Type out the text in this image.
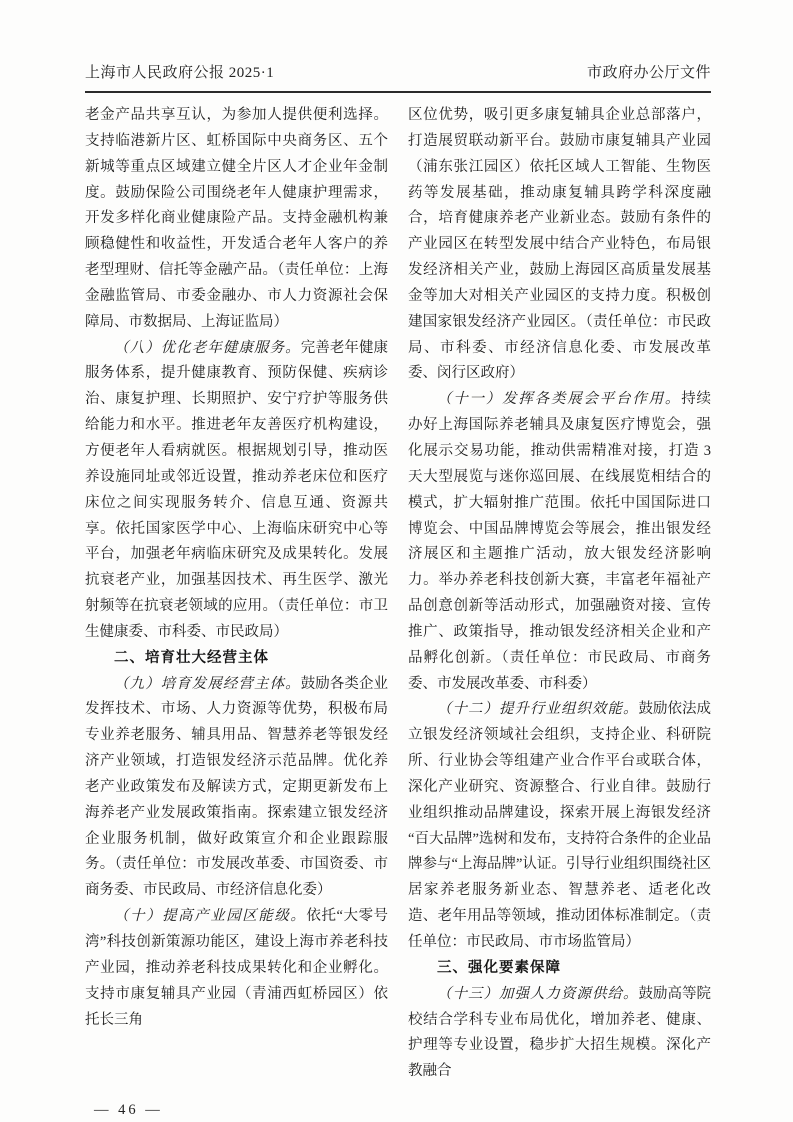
上海市人民政府公报 2025·1	市政府办公厅文件

老金产品共享互认，为参加人提供便利选择。支持临港新片区、虹桥国际中央商务区、五个新城等重点区域建立健全片区人才企业年金制度。鼓励保险公司围绕老年人健康护理需求，开发多样化商业健康险产品。支持金融机构兼顾稳健性和收益性，开发适合老年人客户的养老型理财、信托等金融产品。（责任单位：上海金融监管局、市委金融办、市人力资源社会保障局、市数据局、上海证监局）

（八）优化老年健康服务。完善老年健康服务体系，提升健康教育、预防保健、疾病诊治、康复护理、长期照护、安宁疗护等服务供给能力和水平。推进老年友善医疗机构建设，方便老年人看病就医。根据规划引导，推动医养设施同址或邻近设置，推动养老床位和医疗床位之间实现服务转介、信息互通、资源共享。依托国家医学中心、上海临床研究中心等平台，加强老年病临床研究及成果转化。发展抗衰老产业，加强基因技术、再生医学、激光射频等在抗衰老领域的应用。（责任单位：市卫生健康委、市科委、市民政局）

二、培育壮大经营主体

（九）培育发展经营主体。鼓励各类企业发挥技术、市场、人力资源等优势，积极布局专业养老服务、辅具用品、智慧养老等银发经济产业领域，打造银发经济示范品牌。优化养老产业政策发布及解读方式，定期更新发布上海养老产业发展政策指南。探索建立银发经济企业服务机制，做好政策宣介和企业跟踪服务。（责任单位：市发展改革委、市国资委、市商务委、市民政局、市经济信息化委）

（十）提高产业园区能级。依托“大零号湾”科技创新策源功能区，建设上海市养老科技产业园，推动养老科技成果转化和企业孵化。支持市康复辅具产业园（青浦西虹桥园区）依托长三角

区位优势，吸引更多康复辅具企业总部落户，打造展贸联动新平台。鼓励市康复辅具产业园（浦东张江园区）依托区域人工智能、生物医药等发展基础，推动康复辅具跨学科深度融合，培育健康养老产业新业态。鼓励有条件的产业园区在转型发展中结合产业特色，布局银发经济相关产业，鼓励上海园区高质量发展基金等加大对相关产业园区的支持力度。积极创建国家银发经济产业园区。（责任单位：市民政局、市科委、市经济信息化委、市发展改革委、闵行区政府）

（十一）发挥各类展会平台作用。持续办好上海国际养老辅具及康复医疗博览会，强化展示交易功能，推动供需精准对接，打造 3 天大型展览与迷你巡回展、在线展览相结合的模式，扩大辐射推广范围。依托中国国际进口博览会、中国品牌博览会等展会，推出银发经济展区和主题推广活动，放大银发经济影响力。举办养老科技创新大赛，丰富老年福祉产品创意创新等活动形式，加强融资对接、宣传推广、政策指导，推动银发经济相关企业和产品孵化创新。（责任单位：市民政局、市商务委、市发展改革委、市科委）

（十二）提升行业组织效能。鼓励依法成立银发经济领域社会组织，支持企业、科研院所、行业协会等组建产业合作平台或联合体，深化产业研究、资源整合、行业自律。鼓励行业组织推动品牌建设，探索开展上海银发经济“百大品牌”选树和发布，支持符合条件的企业品牌参与“上海品牌”认证。引导行业组织围绕社区居家养老服务新业态、智慧养老、适老化改造、老年用品等领域，推动团体标准制定。（责任单位：市民政局、市市场监管局）

三、强化要素保障

（十三）加强人力资源供给。鼓励高等院校结合学科专业布局优化，增加养老、健康、护理等专业设置，稳步扩大招生规模。深化产教融合

— 46 —
